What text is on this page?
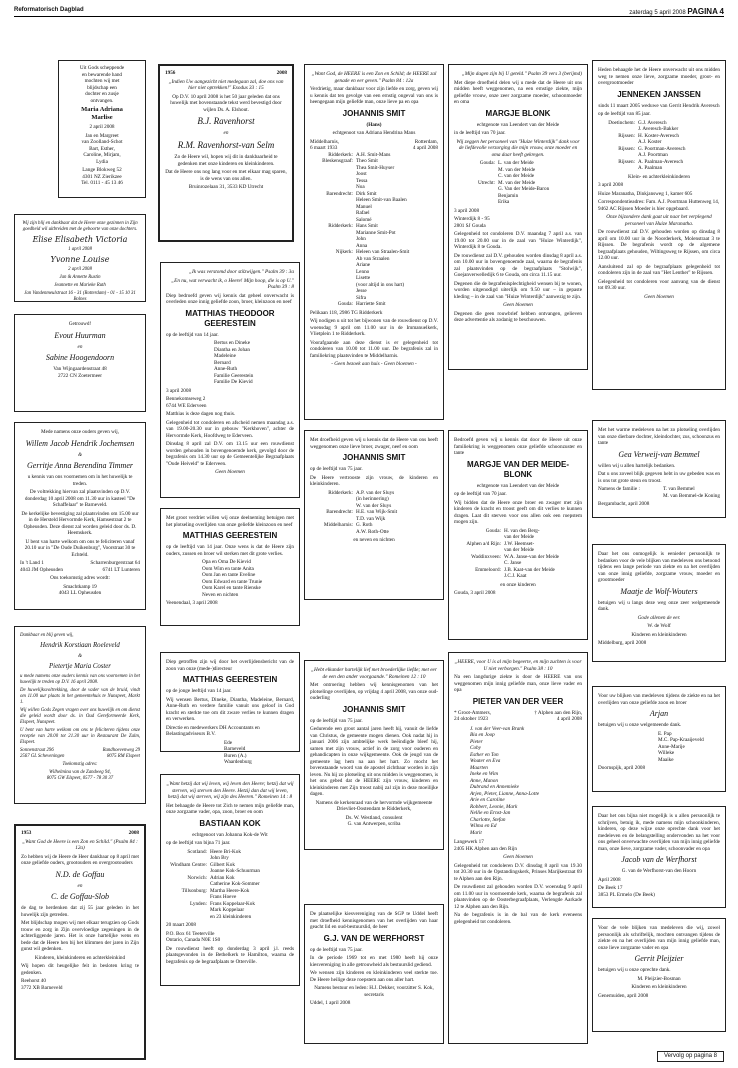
Reformatorisch Dagblad	zaterdag 5 april 2008 PAGINA 4
Uit Gods scheppende
en bewarende hand
mochten wij met
blijdschap een
dochter en zusje
ontvangen.
Maria Adriana
Marlise

2 april 2008

Jan en Margreet
van Zoolland-Schot
Bart, Esther,
Caroline, Mirjam,
Lydia
Lange Blokweg 52
4301 NZ Zierikzee
Tel. 0111 - 45 13 46

Wij zijn blij en dankbaar dat de Heere onze gezinnen in Zijn goedheid wil uitbreiden met de geboorte van onze dochters.

Elise Elisabeth Victoria

1 april 2008

Yvonne Louise

2 april 2008

Jan & Annette Rustin

Jeannette en Marieke Ruth

Jan Vandenmeulstraat 16 - 31 (Rotterdam) - 01 - 15 10 31 Bolnes

Getrouwd!

Evout Huurman

en

Sabine Hoogendoorn

Van Wijngaardenstraat 48
2722 CN Zoetermeer

Mede namens onze ouders geven wij,

Willem Jacob Hendrik Jochemsen

&

Gerritje Anna Berendina Timmer

u kennis van ons voornemen om in het huwelijk te treden.

De voltrekking hiervan zal plaatsvinden op D.V. donderdag 10 april 2008 om 11.30 uur in kasteel "De Schaffelaar" te Barneveld.

De kerkelijke bevestiging zal plaatsvinden om 15.00 uur in de Hersteld Hervormde Kerk, Hamsestraat 2 te Opheusden. Deze dienst zal worden geleid door ds. D. Heemskerk.

U bent van harte welkom om ons te feliciteren vanaf 20.10 uur in "De Oude Duikenburg", Voorstraat 30 te Echteld.

In 't Land 1
4043 JM Opheusden
Scharrenburgerstraat 64
6741 LT Lunteren

Ons toekomstig adres wordt:

Smachtkamp 19
4043 LL Opheusden

Dankbaar en blij geven wij,

Hendrik Korstiaan Roeleveld

&

Pietertje Maria Coster

u mede namens onze ouders kennis van ons voornemen in het huwelijk te treden op D.V. 16 april 2008.

De huwelijksvoltrekking, door de vader van de bruid, vindt om 11.00 uur plaats in het gemeentehuis te Nunspeet, Markt 1.

Wij willen Gods Zegen vragen over ons huwelijk en om dienst die geleid wordt door ds. in Oud Gereformeerde Kerk, Elspeet, Nunspeet.

U bent van harte welkom om ons te feliciteren tijdens onze receptie van 20.00 tot 21.30 uur in Restaurant De Zalm, Elspeet.

Sonnenstraat 296
2567 GL Scheveningen
Randhoevenweg 29
8075 RM Elspeet

Toekomstig adres:

Wilhelmina van de Zandweg 94,
8075 GW Elspeet, 0577 - 78 30 37
1953	2008

„Want God de Heere is een Zon en Schild." (Psalm 84 : 12a)

Zo hebben wij de Heere de Heer dankbaar op 8 april met onze geliefde ouders, grootouders en overgrootouders

N.D. de Goffau

en

C. de Goffau-Slob

de dag te herdenken dat zij 55 jaar geleden in het huwelijk zijn getreden.

Met blijdschap mogen wij met elkaar terugzien op Gods trouw en zorg in Zijn overvloedige zegeningen in de achterliggende jaren. Het is onze hartelijke wens en bede dat de Heere hen bij het klimmen der jaren in Zijn gunst wil gedenken.

Kinderen, kleinkinderen en achterkleinkind

Wij hopen dit heugelijke feit in besloten kring te gedenken.

Reehorst 40
3772 XB Barneveld
1956	2008

„Indien Uw aangezicht niet medegaan zal, doe ons van hier niet optrekken!" Exodus 33 : 15

Op D.V. 10 april 2008 is het 50 jaar geleden dat ons huwelijk met bovenstaande tekst werd bevestigd door wijlen Ds. A. Elshout.

B.J. Ravenhorst

en

R.M. Ravenhorst-van Selm

Zo de Heere wil, hopen wij dit in dankbaarheid te gedenken met onze kinderen en kleinkinderen.

Dat de Heere ons nog lang voor en met elkaar mag sparen, is de wens van ons allen.

Bruinrozelaan 31, 3533 KD Utrecht

„Ik was verstomd door stilzwijgen." Psalm 39 : 3a

„En nu, wat verwacht ik, o Heere! Mijn hoop, die is op U." Psalm 39 : 8

Diep bedroefd geven wij kennis dat geheel onverwacht is overleden onze innig geliefde zoon, broer, kleinzoon en neef

MATTHIAS THEODOOR GEERESTEIN

op de leeftijd van 14 jaar.

Bertus en Dineke
Diantha en Johan
Madeleine
Bernard
Anne-Ruth
Familie Geerestein
Familie De Kievid

3 april 2008

Bennekomseweg 2
6744 WE Ederveen

Matthias is deze dagen nog thuis.

Gelegenheid tot condoleren en afscheid nemen maandag a.s. van 19.00-20.30 uur in gebouw "Kerkhoven", achter de Hervormde Kerk, Hoofdweg te Ederveen.

Dinsdag 8 april zal D.V. om 13.15 uur een rouwdienst worden gehouden in bovengenoemde kerk, gevolgd door de begrafenis om 14.30 uur op de Gemeentelijke Begraafplaats "Oude Heiveld" te Ederveen.

Geen bloemen

Met groot verdriet willen wij onze deelneming betuigen met het plotseling overlijden van onze geliefde kleinzoon en neef

MATTHIAS GEERESTEIN

op de leeftijd van 14 jaar. Onze wens is dat de Heere zijn ouders, zussen en broer wil sterken met dit grote verlies.

Opa en Oma De Kievid
Oom Wim en tante Anita
Oom Jan en tante Eveline
Oom Edward en tante Trunie
Oom Karel en tante Rienske
Neven en nichten

Veenendaal, 3 april 2008

Diep getroffen zijn wij door het overlijdensbericht van de zoon van onze (mede-)directeur

MATTHIAS GEERESTEIN

op de jonge leeftijd van 14 jaar.

Wij wensen Bertus, Dineke, Diantha, Madeleine, Bernard, Anne-Ruth en verdere familie vanuit ons geloof in God kracht en sterkte toe om dit zware verlies te kunnen dragen en verwerken.

Directie en medewerkers DH Accountants en Belastingadviseurs B.V.

Ede
Barneveld
Buren (A.)
Waardenburg

„Want hetzij dat wij leven, wij leven den Heere; hetzij dat wij sterven, wij sterven den Heere. Hetzij dan dat wij leven, hetzij dat wij sterven, wij zijn des Heeren." Romeinen 14 : 8

Het behaagde de Heere tot Zich te nemen mijn geliefde man, onze zorgzame vader, opa, zoon, broer en oom

BASTIAAN KOK

echtgenoot van Johanna Kok-de Wit

op de leeftijd van bijna 71 jaar.

Scotland: Heere Bri-Kok
John Bry
Windham Centre: Gilbert Kok
Joanne Kok-Schuurman
Norwich: Adrian Kok
Catherine Kok-Sommer
Tillsonburg: Martha Heere-Kok
Frans Hoeve
Lynden: Frans Koppelaar-Kok
Mark Koppelaar
en 23 kleinkinderen

20 maart 2008

P.O. Box 61 Teeterville
Ontario, Canada N0E 1S0

De rouwdienst heeft op donderdag 3 april j.l. reeds plaatsgevonden in de Bethelkerk te Hamilton, waarna de begrafenis op de begraafplaats te Otterville.

„Want God, de HEERE is een Zon en Schild; de HEERE zal genade en eer geven." Psalm 84 : 12a

Verdrietig, maar dankbaar voor zijn liefde en zorg, geven wij u kennis dat ten gevolge van een ernstig ongeval van ons is heengegaan mijn geliefde man, onze lieve pa en opa

JOHANNIS SMIT

(Hans)

echtgenoot van Adriana Hendrina Mans

Middelharnis,
6 maart 1933
Rotterdam,
4 april 2008
Ridderkerk: A.H. Smit-Mans
Bleskensgraaf: Theo Smit
Thea Smit-Huyser
Joost
Tessa
Noa
Barendrecht: Dirk Smit
Heleen Smit-van Baalen
Manuel
Rafael
Salomé
Ridderkerk: Hans Smit
Marianne Smit-Pot
John
Anna
Nijkerk: Heleen van Straalen-Smit
Ab van Straalen
Ariane
Lenno
Lisette
(voor altijd in ons hart)
Jesse
Sifra
Gouda: Harriette Smit

Pelikaan 118, 2986 TG Ridderkerk

Wij nodigen u uit tot het bijwonen van de rouwdienst op D.V. woensdag 9 april om 11.00 uur in de Immanuelkerk, Vlietplein 1 te Ridderkerk.

Voorafgaande aan deze dienst is er gelegenheid tot condoleren van 10.00 tot 11.00 uur. De begrafenis zal in familiekring plaatsvinden te Middelharnis.

- Geen bezoek aan huis - Geen bloemen -

Met droefheid geven wij u kennis dat de Heere van ons heeft weggenomen onze lieve broer, zwager, neef en oom

JOHANNIS SMIT

op de leeftijd van 75 jaar.

De Heere vertrooste zijn vrouw, de kinderen en kleinkinderen.

Ridderkerk: A.P. van der Sluys
(in herinnering)
W. van der Sluys
Barendrecht: H.E. van Wijk-Smit
T.D. van Wijk
Middelharnis: G. Roth
A.W. Roth-Otte

en neven en nichten

„Hebt elkander hartelijk lief met broederlijke liefde; met eer de een den ander voorgaande." Romeinen 12 : 10

Met ontroering hebben wij kennisgenomen van het plotselinge overlijden, op vrijdag 4 april 2008, van onze oud-ouderling

JOHANNIS SMIT

op de leeftijd van 75 jaar.

Gedurende een groot aantal jaren heeft hij, vanuit de liefde van Christus, de gemeente mogen dienen. Ook nadat hij in januari 2006 zijn ambtelijke werk beëindigde bleef hij, samen met zijn vrouw, actief in de zorg voor ouderen en gehandicapten in onze wijkgemeente. Ook de jeugd van de gemeente lag hem na aan het hart. Zo mocht het bovenstaande woord van de apostel zichtbaar worden in zijn leven. Nu hij zo plotseling uit ons midden is weggenomen, is het ons gebed dat de HEERE zijn vrouw, kinderen en kleinkinderen met Zijn troost nabij zal zijn in deze moeilijke dagen.

Namens de kerkenraad van de hervormde wijkgemeente Drievliet-Oostendam te Ridderkerk,

Ds. W. Westland, consulent
G. van Antwerpen, scriba

De plaatselijke kiesvereniging van de SGP te Uddel heeft met droefheid kennisgenomen van het overlijden van haar geacht lid en oud-bestuurslid, de heer

G.J. VAN DE WERFHORST

op de leeftijd van 75 jaar.

In de periode 1969 tot en met 1980 heeft hij onze kiesvereniging in alle getrouwheid als bestuurslid gediend.

We wensen zijn kinderen en kleinkinderen veel sterkte toe. De Heere heilige deze roepstem aan ons aller hart.

Namens bestuur en leden: H.J. Dekker, voorzitter S. Kok, secretaris

Uddel, 1 april 2008

„Mijn dagen zijn bij U geteld." Psalm 39 vers 3 (berijmd)

Met diepe droefheid delen wij u mede dat de Heere uit ons midden heeft weggenomen, na een ernstige ziekte, mijn geliefde vrouw, onze zeer zorgzame moeder, schoonmoeder en oma

MARGJE BLONK

echtgenote van Leendert van der Meide

in de leeftijd van 70 jaar.

Wij zeggen het personeel van "Huize Winterdijk" dank voor de liefdevolle verzorging die mijn vrouw, onze moeder en oma daar heeft gekregen.

Gouda: L. van der Meide
M. van der Meide
C. van der Meide
Utrecht: M. van der Meide
G. Van der Meide-Baron
Benjamin
Erika

3 april 2008

Winterdijk 8 - 95
2801 SJ Gouda

Gelegenheid tot condoleren D.V. maandag 7 april a.s. van 19.00 tot 20.00 uur in de zaal van "Huize Winterdijk", Winterdijk 8 te Gouda.

De rouwdienst zal D.V. gehouden worden dinsdag 8 april a.s. om 10.00 uur in bovengenoemde zaal, waarna de begrafenis zal plaatsvinden op de begraafplaats "Stolwijk", Goejanverwelledijk 6 te Gouda, om circa 11.15 uur.

Degenen die de begrafenisplechtigheid wensen bij te wonen, worden uitgenodigd uiterlijk om 9.50 uur – in gepaste kleding – in de zaal van "Huize Winterdijk" aanwezig te zijn.

Geen bloemen

Degenen die geen rouwbrief hebben ontvangen, gelieven deze advertentie als zodanig te beschouwen.

Bedroefd geven wij u kennis dat door de Heere uit onze familiekring is weggenomen onze geliefde schoonzuster en tante

MARGJE VAN DER MEIDE-BLONK

echtgenote van Leendert van der Meide

op de leeftijd van 70 jaar.

Wij bidden dat de Heere onze broer en zwager met zijn kinderen de kracht en troost geeft om dit verlies te kunnen dragen. Laat dit sterven voor ons allen ook een roepstem mogen zijn.

Gouda: H. van den Berg-
van der Meide
Alphen a/d Rijn: J.W. Heemset-
van der Meide
Waddinxveen: W.A. Janse-van der Meide
C. Janse
Emmeloord: J.B. Kaat-van der Meide
J.C.J. Kaat

en onze kinderen

Gouda, 3 april 2008

„HEERE, voor U is al mijn begeerte, en mijn zuchten is voor U niet verborgen." Psalm 38 : 10

Na een langdurige ziekte is door de HEERE van ons weggenomen mijn innig geliefde man, onze lieve vader en opa

PIETER VAN DER VEER

* Groot-Ammers,
24 oktober 1923
† Alphen aan den Rijn,
4 april 2008
J. van der Veer-van Brank
Bia en Joop
Pieter
Coby
Esther en Ton
Wouter en Eva
Maarten
Ineke en Wim
Anne, Manon
Dubrand en Annemieke
Arjen, Pieter, Lianne, Anna-Lotte
Arie en Caroline
Robbert, Leonie, Mark
Nellie en Ernst-Jan
Charlotte, Stefan
Wilma en Ed
Marit
Langewerk 17
2405 HK Alphen aan den Rijn

Geen bloemen

Gelegenheid tot condoleren D.V. dinsdag 8 april van 19.30 tot 20.30 uur in de Opstandingskerk, Prinses Marijkestraat 69 te Alphen aan den Rijn.

De rouwdienst zal gehouden worden D.V. woensdag 9 april om 11.00 uur in voornoemde kerk, waarna de begrafenis zal plaatsvinden op de Oosterbegraafplaats, Verlengde Aarkade 12 te Alphen aan den Rijn.

Na de begrafenis is in de bal van de kerk eveneens gelegenheid tot condoleren.

Heden behaagde het de Heere onverwacht uit ons midden weg te nemen onze lieve, zorgzame moeder, groot- en overgrootmoeder

JENNEKEN JANSSEN

sinds 11 maart 2005 weduwe van Gerrit Hendrik Averesch

op de leeftijd van 85 jaar.

Doetinchem: G.J. Averesch
J. Averesch-Bakker
Rijssen: H. Koster-Averesch
A.J. Koster
Rijssen: G. Poortman-Averesch
A.J. Poortman
Rijssen: A. Paalman-Averesch
A. Paalman

Klein- en achterkleinkinderen

3 april 2008

Huize Maranatha, Dinkjansweg 1, kamer 605

Correspondentieadres: Fam. A.J. Poortman Huttenweg 14, 9462 AC Rijssen Moeder is hier opgebaard.

Onze bijzondere dank gaat uit naar het verplegend personeel van Huize Maranatha.

De rouwdienst zal D.V. gehouden worden op dinsdag 8 april om 10.00 uur in de Noorderkerk, Molenstraat 3 te Rijssen. De begrafenis wordt op de algemene begraafplaats gehouden, Wiltingsweg te Rijssen, om circa 12.00 uur.

Aansluitend zal op de begraafplaats gelegenheid tot condoleren zijn in de zaal van "Het Lenther" te Rijssen.

Gelegenheid tot condoleren voor aanvang van de dienst tot 09.30 uur.

Geen bloemen

Met het warme medeleven na het zo plotseling overlijden van onze dierbare dochter, kleindochter, zus, schoonzus en tante

Gea Verweij-van Bemmel

willen wij u allen hartelijk bedanken.

Dat u ons zoveel blijk gegeven hebt in uw gebeden was en is ons tot grote steun en troost.

Namens de familie :	T. van Bemmel
M. van Bemmel-de Koning

Bergambacht, april 2008

Daar het ons onmogelijk is eenieder persoonlijk te bedanken voor de vele blijken van medeleven ons betoond tijdens een lange periode van ziekte en na het overlijden van onze innig geliefde, zorgzame vrouw, moeder en grootmoeder

Maatje de Wolf-Wouters

betuigen wij u langs deze weg onze zeer welgemeende dank.

Gode allenen de eer.

W. de Wolf

Kinderen en kleinkinderen

Middelburg, april 2008

Voor uw blijken van medeleven tijdens de ziekte en na het overlijden van onze geliefde zoon en broer

Arjan

betuigen wij u onze welgemeende dank.

E. Pap
M.C. Pap-Kraaijeveld
Anne-Marije
Willeke
Maaike

Doornspijk, april 2008

Daar het ons bijna niet mogelijk is u allen persoonlijk te schrijven, betuig ik, mede namens mijn schoonkinderen, kinderen, op deze wijze onze oprechte dank voor het medeleven en de belangstelling ondervonden na het voor ons geheel onverwachte overlijden van mijn innig geliefde man, onze lieve, zorgzame vader, schoonvader en opa

Jacob van de Werfhorst

G. van de Werfhorst-van den Hoorn

April 2008

De Beek 17
3853 PL Ermelo (De Beek)

Voor de vele blijken van medeleven die wij, zowel persoonlijk als schriftelijk, mochten ontvangen tijdens de ziekte en na het overlijden van mijn innig geliefde man, onze lieve zorgzame vader en opa

Gerrit Pleijzier

betuigen wij u onze oprechte dank.

M. Pleijzier-Bosman

Kinderen en kleinkinderen

Genemuiden, april 2008

Vervolg op pagina 8
